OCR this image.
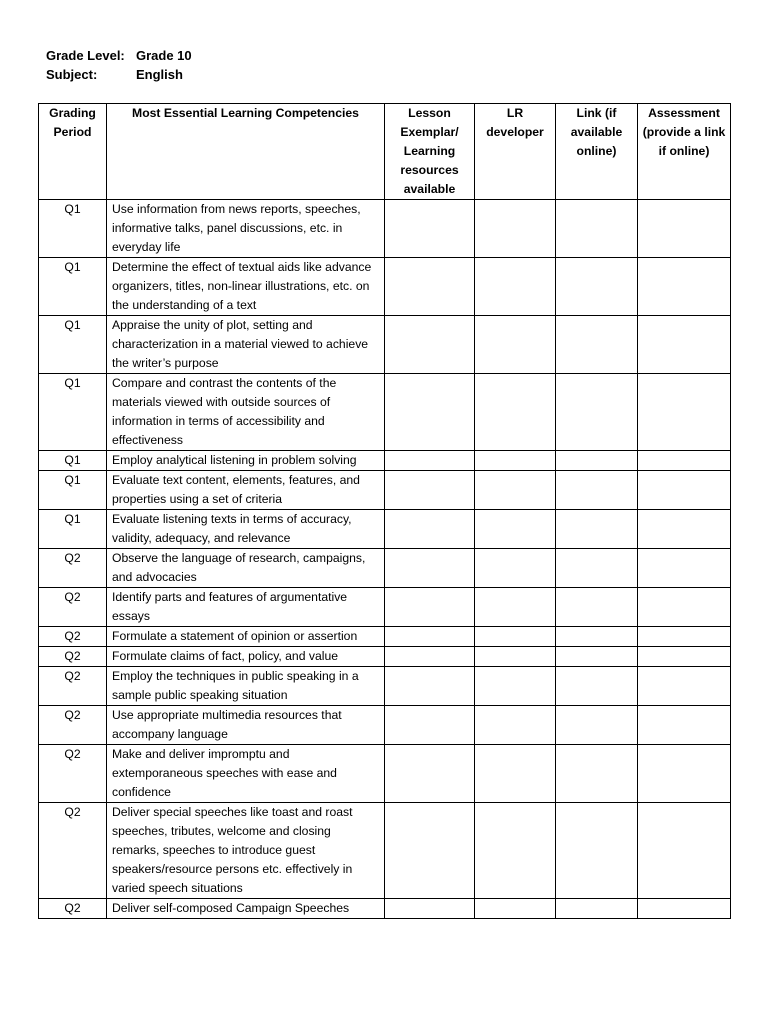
Grade Level: Grade 10
Subject:	English
Grading Period	Most Essential Learning Competencies	Lesson Exemplar/ Learning resources available	LR developer	Link (if available online)	Assessment (provide a link if online)
Q1	Use information from news reports, speeches, informative talks, panel discussions, etc. in everyday life				
Q1	Determine the effect of textual aids like advance organizers, titles, non-linear illustrations, etc. on the understanding of a text				
Q1	Appraise the unity of plot, setting and characterization in a material viewed to achieve the writer’s purpose				
Q1	Compare and contrast the contents of the materials viewed with outside sources of information in terms of accessibility and effectiveness				
Q1	Employ analytical listening in problem solving				
Q1	Evaluate text content, elements, features, and properties using a set of criteria				
Q1	Evaluate listening texts in terms of accuracy, validity, adequacy, and relevance				
Q2	Observe the language of research, campaigns, and advocacies				
Q2	Identify parts and features of argumentative essays				
Q2	Formulate a statement of opinion or assertion				
Q2	Formulate claims of fact, policy, and value				
Q2	Employ the techniques in public speaking in a sample public speaking situation				
Q2	Use appropriate multimedia resources that accompany language				
Q2	Make and deliver impromptu and extemporaneous speeches with ease and confidence				
Q2	Deliver special speeches like toast and roast speeches, tributes, welcome and closing remarks, speeches to introduce guest speakers/resource persons etc. effectively in varied speech situations				
Q2	Deliver self-composed Campaign Speeches				
